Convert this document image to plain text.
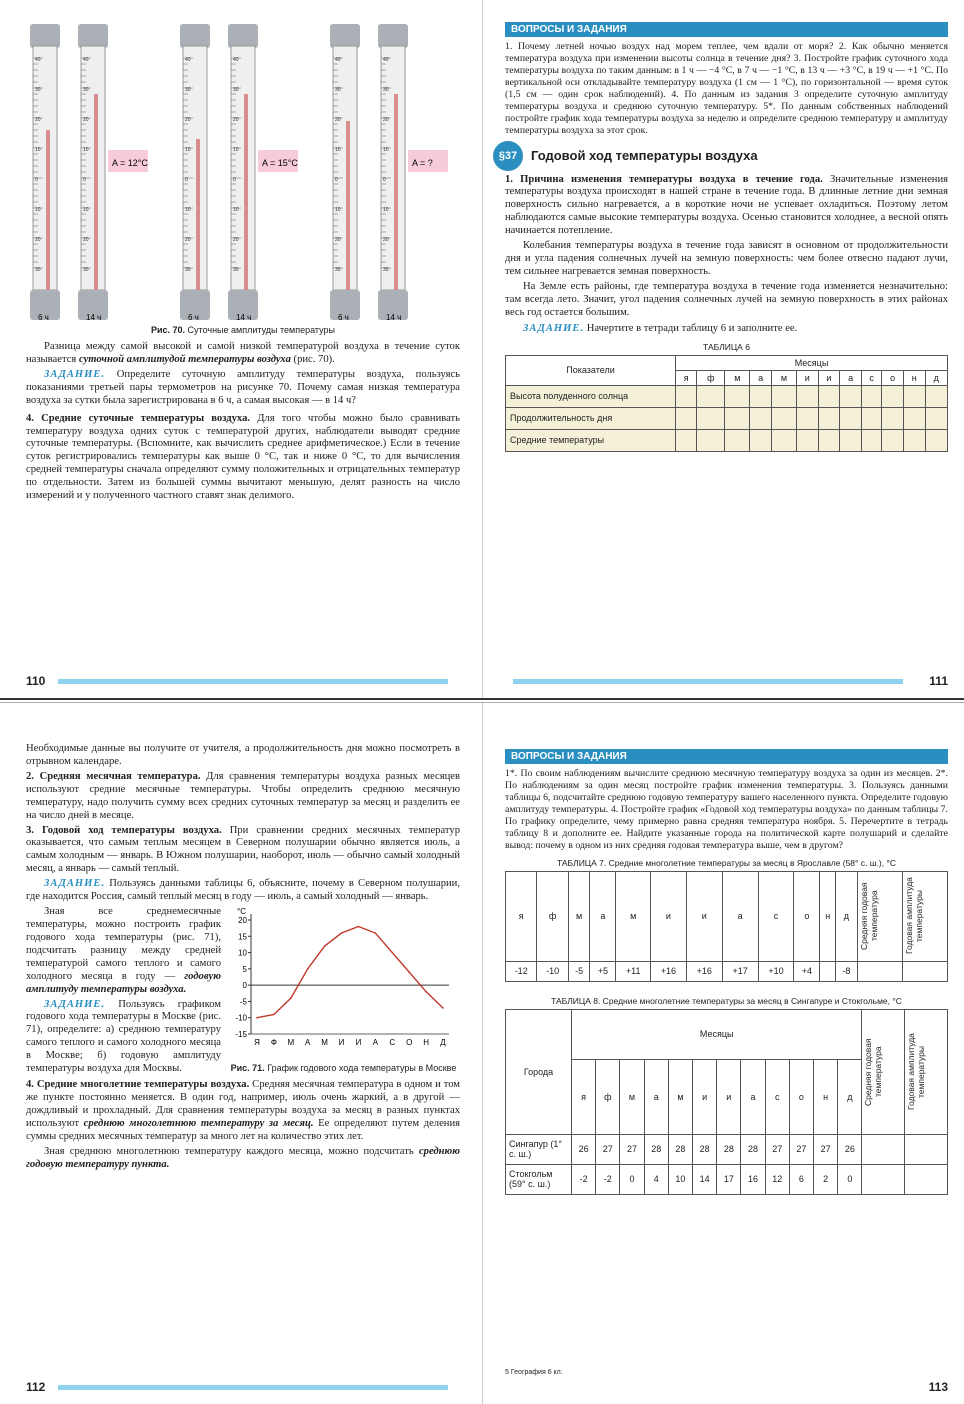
40
30
20
10
0
10
20
30
6 ч
40
30
20
10
0
10
20
30
14 ч
A = 12°C
40
30
20
10
0
10
20
30
6 ч
40
30
20
10
0
10
20
30
14 ч
A = 15°C
40
30
20
10
0
10
20
30
6 ч
40
30
20
10
0
10
20
30
14 ч
A = ?
Рис. 70. Суточные амплитуды температуры

Разница между самой высокой и самой низкой температурой воздуха в течение суток называется суточной амплитудой температуры воздуха (рис. 70).

ЗАДАНИЕ. Определите суточную амплитуду температуры воздуха, пользуясь показаниями третьей пары термометров на рисунке 70. Почему самая низкая температура воздуха за сутки была зарегистрирована в 6 ч, а самая высокая — в 14 ч?

4. Средние суточные температуры воздуха. Для того чтобы можно было сравнивать температуру воздуха одних суток с температурой других, наблюдатели выводят средние суточные температуры. (Вспомните, как вычислить среднее арифметическое.) Если в течение суток регистрировались температуры как выше 0 °С, так и ниже 0 °С, то для вычисления средней температуры сначала определяют сумму положительных и отрицательных температур по отдельности. Затем из большей суммы вычитают меньшую, делят разность на число измерений и у полученного частного ставят знак делимого.

110
ВОПРОСЫ И ЗАДАНИЯ

1. Почему летней ночью воздух над морем теплее, чем вдали от моря? 2. Как обычно меняется температура воздуха при изменении высоты солнца в течение дня? 3. Постройте график суточного хода температуры воздуха по таким данным: в 1 ч — −4 °С, в 7 ч — −1 °С, в 13 ч — +3 °С, в 19 ч — +1 °С. По вертикальной оси откладывайте температуру воздуха (1 см — 1 °С), по горизонтальной — время суток (1,5 см — один срок наблюдений). 4. По данным из задания 3 определите суточную амплитуду температуры воздуха и среднюю суточную температуру. 5*. По данным собственных наблюдений постройте график хода температуры воздуха за неделю и определите среднюю температуру и амплитуду температуры воздуха за этот срок.

§37	Годовой ход температуры воздуха

1. Причина изменения температуры воздуха в течение года. Значительные изменения температуры воздуха происходят в нашей стране в течение года. В длинные летние дни земная поверхность сильно нагревается, а в короткие ночи не успевает охладиться. Поэтому летом наблюдаются самые высокие температуры воздуха. Осенью становится холоднее, а весной опять начинается потепление.

Колебания температуры воздуха в течение года зависят в основном от продолжительности дня и угла падения солнечных лучей на земную поверхность: чем более отвесно падают лучи, тем сильнее нагревается земная поверхность.

На Земле есть районы, где температура воздуха в течение года изменяется незначительно: там всегда лето. Значит, угол падения солнечных лучей на земную поверхность в этих районах весь год остается большим.

ЗАДАНИЕ. Начертите в тетради таблицу 6 и заполните ее.

ТАБЛИЦА 6
Показатели	Месяцы											
	я	ф	м	а	м	и	и	а	с	о	н	д
Высота полуденного солнца												
Продолжительность дня												
Средние температуры												
111

Необходимые данные вы получите от учителя, а продолжительность дня можно посмотреть в отрывном календаре.

2. Средняя месячная температура. Для сравнения температуры воздуха разных месяцев используют средние месячные температуры. Чтобы определить среднюю месячную температуру, надо получить сумму всех средних суточных температур за месяц и разделить ее на число дней в месяце.

3. Годовой ход температуры воздуха. При сравнении средних месячных температур оказывается, что самым теплым месяцем в Северном полушарии обычно является июль, а самым холодным — январь. В Южном полушарии, наоборот, июль — обычно самый холодный месяц, а январь — самый теплый.

ЗАДАНИЕ. Пользуясь данными таблицы 6, объясните, почему в Северном полушарии, где находится Россия, самый теплый месяц в году — июль, а самый холодный — январь.

Зная все среднемесячные температуры, можно построить график годового хода температуры (рис. 71), подсчитать разницу между средней температурой самого теплого и самого холодного месяца в году — годовую амплитуду температуры воздуха.

ЗАДАНИЕ. Пользуясь графиком годового хода температуры в Москве (рис. 71), определите: а) среднюю температуру самого теплого и самого холодного месяца в Москве; б) годовую амплитуду температуры воздуха для Москвы.

°С
20
15
10
5
0
-5
-10
-15
Я Ф М А М И И А С О Н Д
Рис. 71. График годового хода температуры в Москве

4. Средние многолетние температуры воздуха. Средняя месячная температура в одном и том же пункте постоянно меняется. В один год, например, июль очень жаркий, а в другой — дождливый и прохладный. Для сравнения температуры воздуха за месяц в разных пунктах используют среднюю многолетнюю температуру за месяц. Ее определяют путем деления суммы средних месячных температур за много лет на количество этих лет.

Зная среднюю многолетнюю температуру каждого месяца, можно подсчитать среднюю годовую температуру пункта.

112
ВОПРОСЫ И ЗАДАНИЯ

1*. По своим наблюдениям вычислите среднюю месячную температуру воздуха за один из месяцев. 2*. По наблюдениям за один месяц постройте график изменения температуры. 3. Пользуясь данными таблицы 6, подсчитайте среднюю годовую температуру вашего населенного пункта. Определите годовую амплитуду температуры. 4. Постройте график «Годовой ход температуры воздуха» по данным таблицы 7. По графику определите, чему примерно равна средняя температура ноября. 5. Перечертите в тетрадь таблицу 8 и дополните ее. Найдите указанные города на политической карте полушарий и сделайте вывод: почему в одном из них средняя годовая температура выше, чем в другом?

ТАБЛИЦА 7. Средние многолетние температуры за месяц в Ярославле (58° с. ш.), °С
я	ф	м	а	м	и	и	а	с	о	н	д	Средняя годовая температура	Годовая амплитуда температуры

-12	-10	-5	+5	+11	+16	+16	+17	+10	+4		-8		
ТАБЛИЦА 8. Средние многолетние температуры за месяц в Сингапуре и Стокгольме, °С
Города	Месяцы												Средняя годовая температура	Годовая амплитуда температуры

	я	ф	м	а	м	и	и	а	с	о	н	д		
Сингапур (1° с. ш.)	26	27	27	28	28	28	28	28	27	27	27	26		
Стокгольм (59° с. ш.)	-2	-2	0	4	10	14	17	16	12	6	2	0		
5 География 6 кл.
113
